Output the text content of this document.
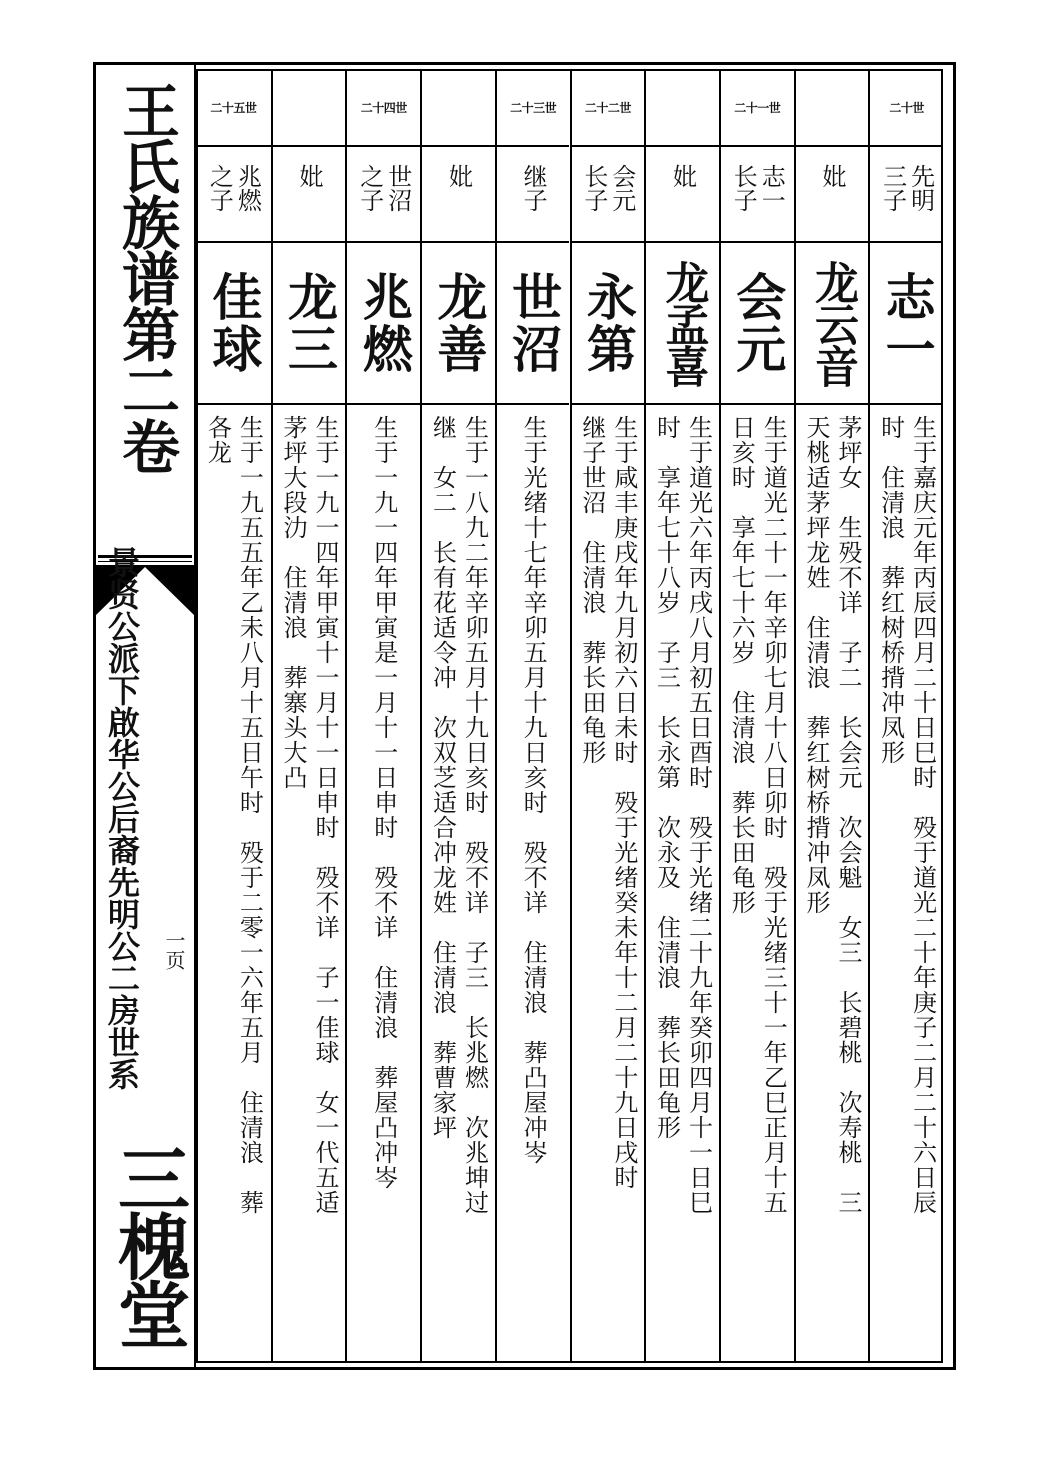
王氏族谱第二卷
景贤公派下啟华公后裔先明公二房世系 一页
三槐堂
二十世
先明
三子
志一
生于嘉庆元年丙辰四月二十日巳时　殁于道光二十年庚子二月二十六日辰
时　住清浪　葬红树桥揹冲凤形
妣
龙云音
茅坪女　生殁不详　子二　长会元　次会魁　女三　长碧桃　次寿桃　三
天桃适茅坪龙姓　住清浪　葬红树桥揹冲凤形
二十一世
志一
长子
会元
生于道光二十一年辛卯七月十八日卯时　殁于光绪三十一年乙巳正月十五
日亥时　享年七十六岁　住清浪　葬长田龟形
妣
龙孟喜
生于道光六年丙戌八月初五日酉时　殁于光绪二十九年癸卯四月十一日巳
时　享年七十八岁　子三　长永第　次永及　住清浪　葬长田龟形
二十二世
会元
长子
永第
生于咸丰庚戌年九月初六日未时　殁于光绪癸未年十二月二十九日戌时
继子世沼　住清浪　葬长田龟形
二十三世
继子
世沼
生于光绪十七年辛卯五月十九日亥时　殁不详　住清浪　葬凸屋冲岑
妣
龙善
生于一八九二年辛卯五月十九日亥时　殁不详　子三　长兆燃　次兆坤过
继　女二　长有花适令冲　次双芝适合冲龙姓　住清浪　葬曹家坪
二十四世
世沼
之子
兆燃
生于一九一四年甲寅是一月十一日申时　殁不详　住清浪　葬屋凸冲岑
妣
龙三
生于一九一四年甲寅十一月十一日申时　殁不详　子一佳球　女一代五适
茅坪大段氻　住清浪　葬寨头大凸
二十五世
兆燃
之子
佳球
生于一九五五年乙未八月十五日午时　殁于二零一六年五月　住清浪　葬
各龙
